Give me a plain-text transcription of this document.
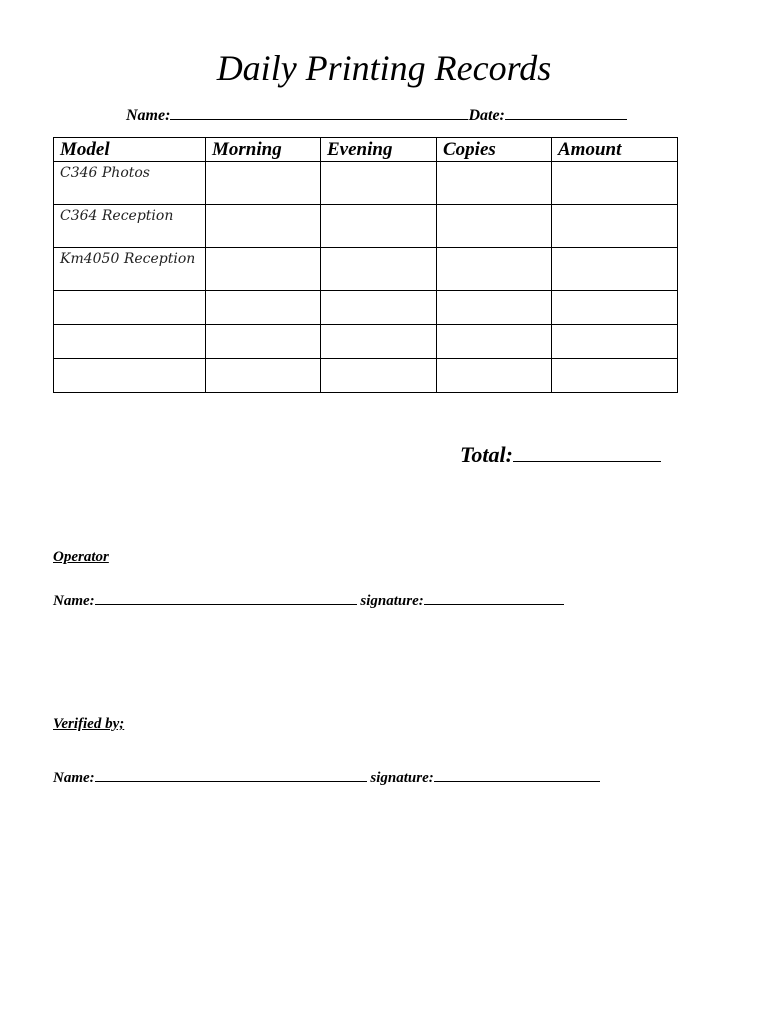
Daily Printing Records
Name:	Date:
Model	Morning	Evening	Copies	Amount
C346 Photos				
C364 Reception				
Km4050 Reception				

Total:
Operator
Name:	signature:
Verified by;
Name:	signature:
